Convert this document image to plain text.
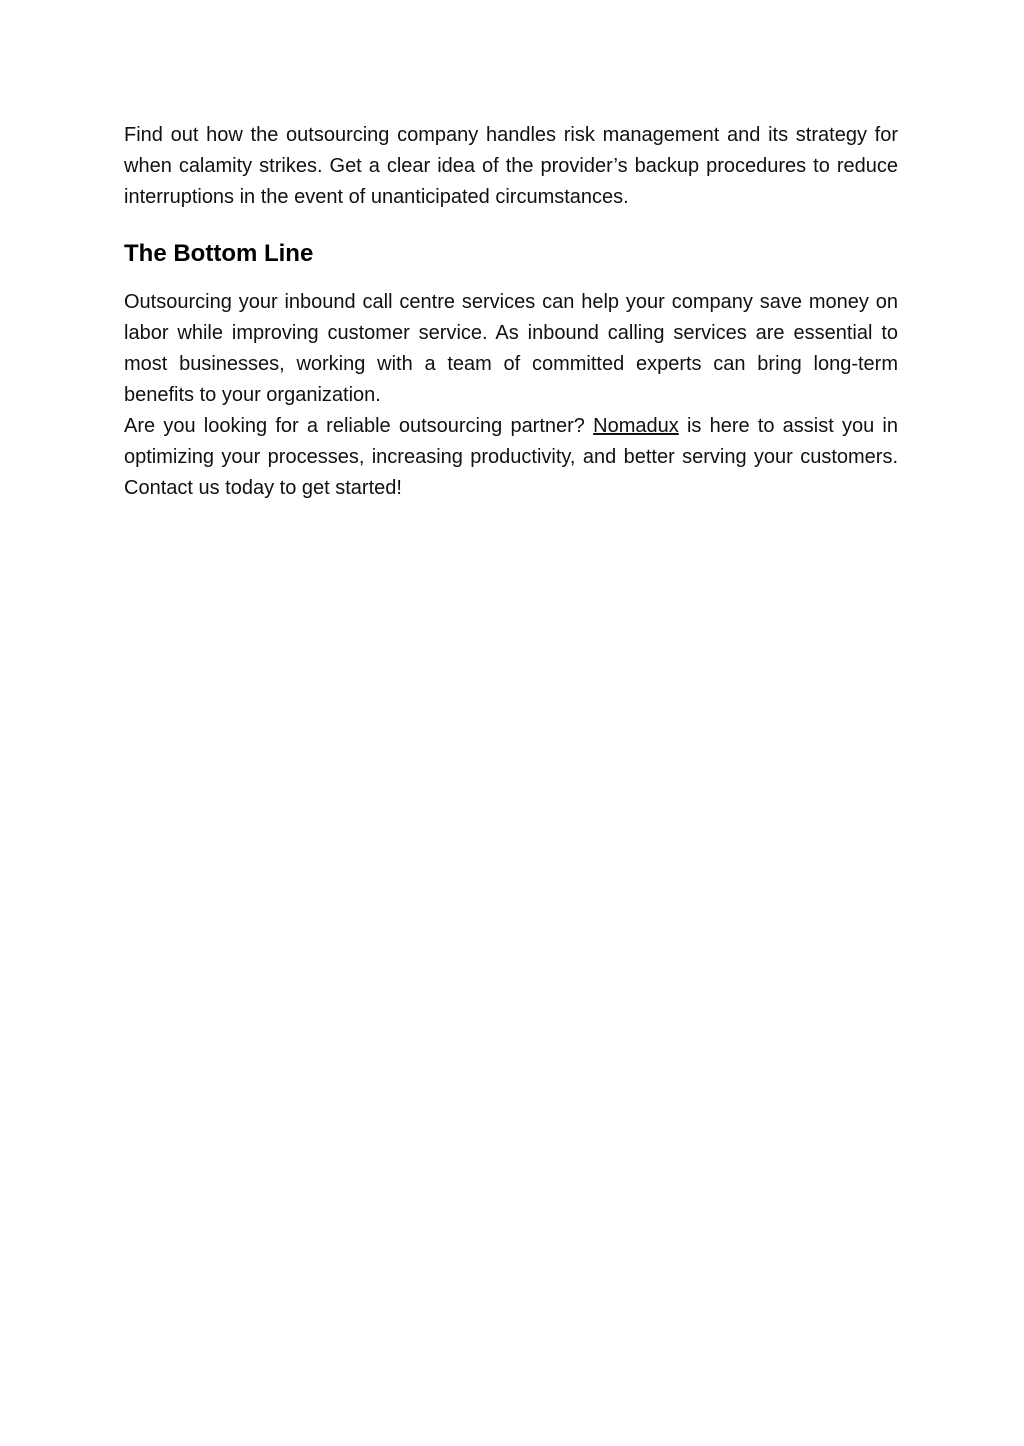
Find out how the outsourcing company handles risk management and its strategy for when calamity strikes. Get a clear idea of the provider’s backup procedures to reduce interruptions in the event of unanticipated circumstances.

The Bottom Line

Outsourcing your inbound call centre services can help your company save money on labor while improving customer service. As inbound calling services are essential to most businesses, working with a team of committed experts can bring long-term benefits to your organization.

Are you looking for a reliable outsourcing partner? Nomadux is here to assist you in optimizing your processes, increasing productivity, and better serving your customers. Contact us today to get started!
